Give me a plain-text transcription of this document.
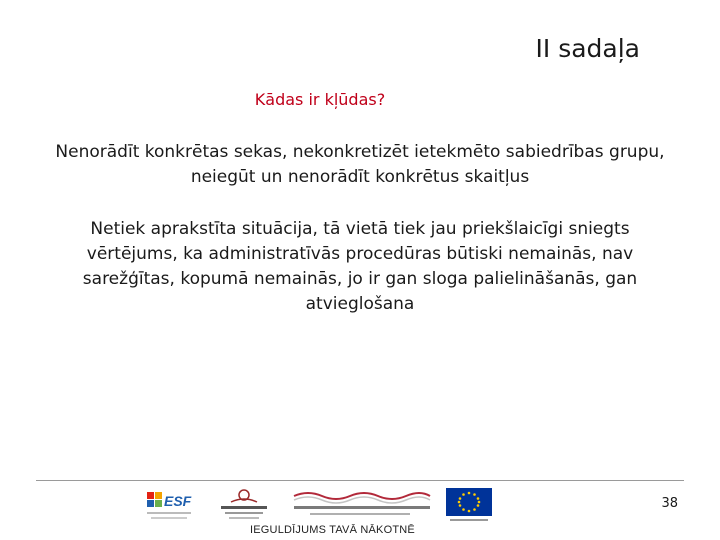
II sadaļa
Kādas ir kļūdas?
Nenorādīt konkrētas sekas, nekonkretizēt ietekmēto sabiedrības grupu,
neiegūt un nenorādīt konkrētus skaitļus
Netiek aprakstīta situācija, tā vietā tiek jau priekšlaicīgi sniegts
vērtējums, ka administratīvās procedūras būtiski nemainās, nav
sarežģītas, kopumā nemainās, jo ir gan sloga palielināšanās, gan
atvieglošana
38
ESF
IEGULDĪJUMS TAVĀ NĀKOTNĒ
